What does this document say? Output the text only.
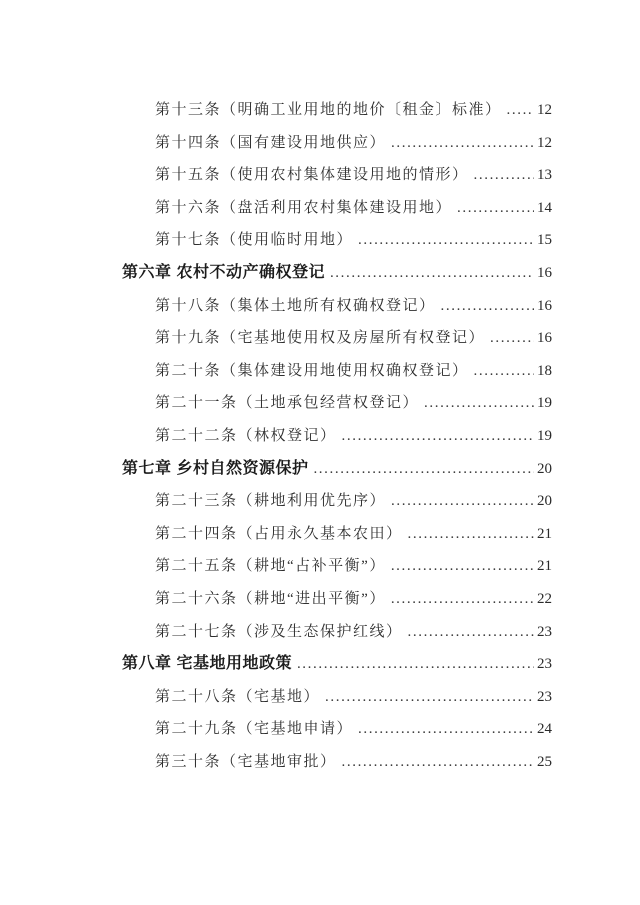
第十三条（明确工业用地的地价〔租金〕标准） ..... 12
第十四条（国有建设用地供应） .....	12
第十五条（使用农村集体建设用地的情形） .....	13
第十六条（盘活利用农村集体建设用地） .....	14
第十七条（使用临时用地） .....	15
第六章 农村不动产确权登记 .....	16
第十八条（集体土地所有权确权登记） .....	16
第十九条（宅基地使用权及房屋所有权登记） .....	16
第二十条（集体建设用地使用权确权登记） .....	18
第二十一条（土地承包经营权登记） .....	19
第二十二条（林权登记） .....	19
第七章 乡村自然资源保护 .....	20
第二十三条（耕地利用优先序） .....	20
第二十四条（占用永久基本农田） .....	21
第二十五条（耕地“占补平衡”） .....	21
第二十六条（耕地“进出平衡”） .....	22
第二十七条（涉及生态保护红线） .....	23
第八章 宅基地用地政策 .....	23
第二十八条（宅基地） .....	23
第二十九条（宅基地申请） .....	24
第三十条（宅基地审批） .....	25
